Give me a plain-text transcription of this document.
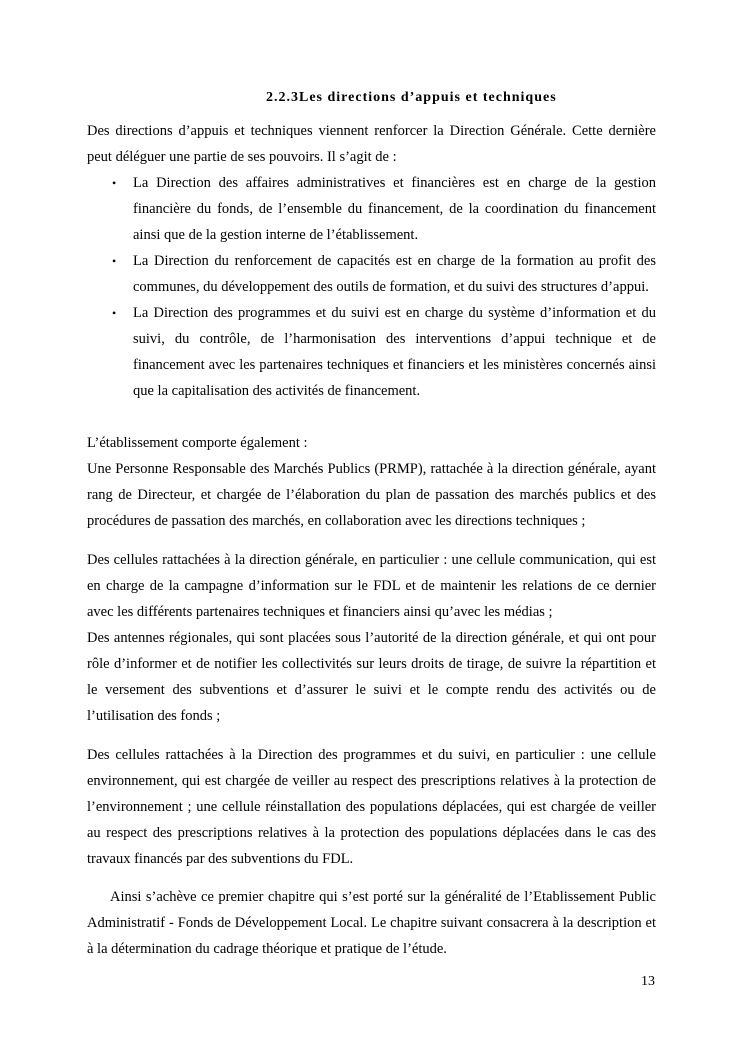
2.2.3Les directions d’appuis et techniques

Des directions d’appuis et techniques viennent renforcer la Direction Générale. Cette dernière peut déléguer une partie de ses pouvoirs. Il s’agit de :

• La Direction des affaires administratives et financières est en charge de la gestion financière du fonds, de l’ensemble du financement, de la coordination du financement ainsi que de la gestion interne de l’établissement.
• La Direction du renforcement de capacités est en charge de la formation au profit des communes, du développement des outils de formation, et du suivi des structures d’appui.
• La Direction des programmes et du suivi est en charge du système d’information et du suivi, du contrôle, de l’harmonisation des interventions d’appui technique et de financement avec les partenaires techniques et financiers et les ministères concernés ainsi que la capitalisation des activités de financement.

L’établissement comporte également :

Une Personne Responsable des Marchés Publics (PRMP), rattachée à la direction générale, ayant rang de Directeur, et chargée de l’élaboration du plan de passation des marchés publics et des procédures de passation des marchés, en collaboration avec les directions techniques ;

Des cellules rattachées à la direction générale, en particulier : une cellule communication, qui est en charge de la campagne d’information sur le FDL et de maintenir les relations de ce dernier avec les différents partenaires techniques et financiers ainsi qu’avec les médias ;

Des antennes régionales, qui sont placées sous l’autorité de la direction générale, et qui ont pour rôle d’informer et de notifier les collectivités sur leurs droits de tirage, de suivre la répartition et le versement des subventions et d’assurer le suivi et le compte rendu des activités ou de l’utilisation des fonds ;

Des cellules rattachées à la Direction des programmes et du suivi, en particulier : une cellule environnement, qui est chargée de veiller au respect des prescriptions relatives à la protection de l’environnement ; une cellule réinstallation des populations déplacées, qui est chargée de veiller au respect des prescriptions relatives à la protection des populations déplacées dans le cas des travaux financés par des subventions du FDL.

Ainsi s’achève ce premier chapitre qui s’est porté sur la généralité de l’Etablissement Public Administratif - Fonds de Développement Local. Le chapitre suivant consacrera à la description et à la détermination du cadrage théorique et pratique de l’étude.

13
